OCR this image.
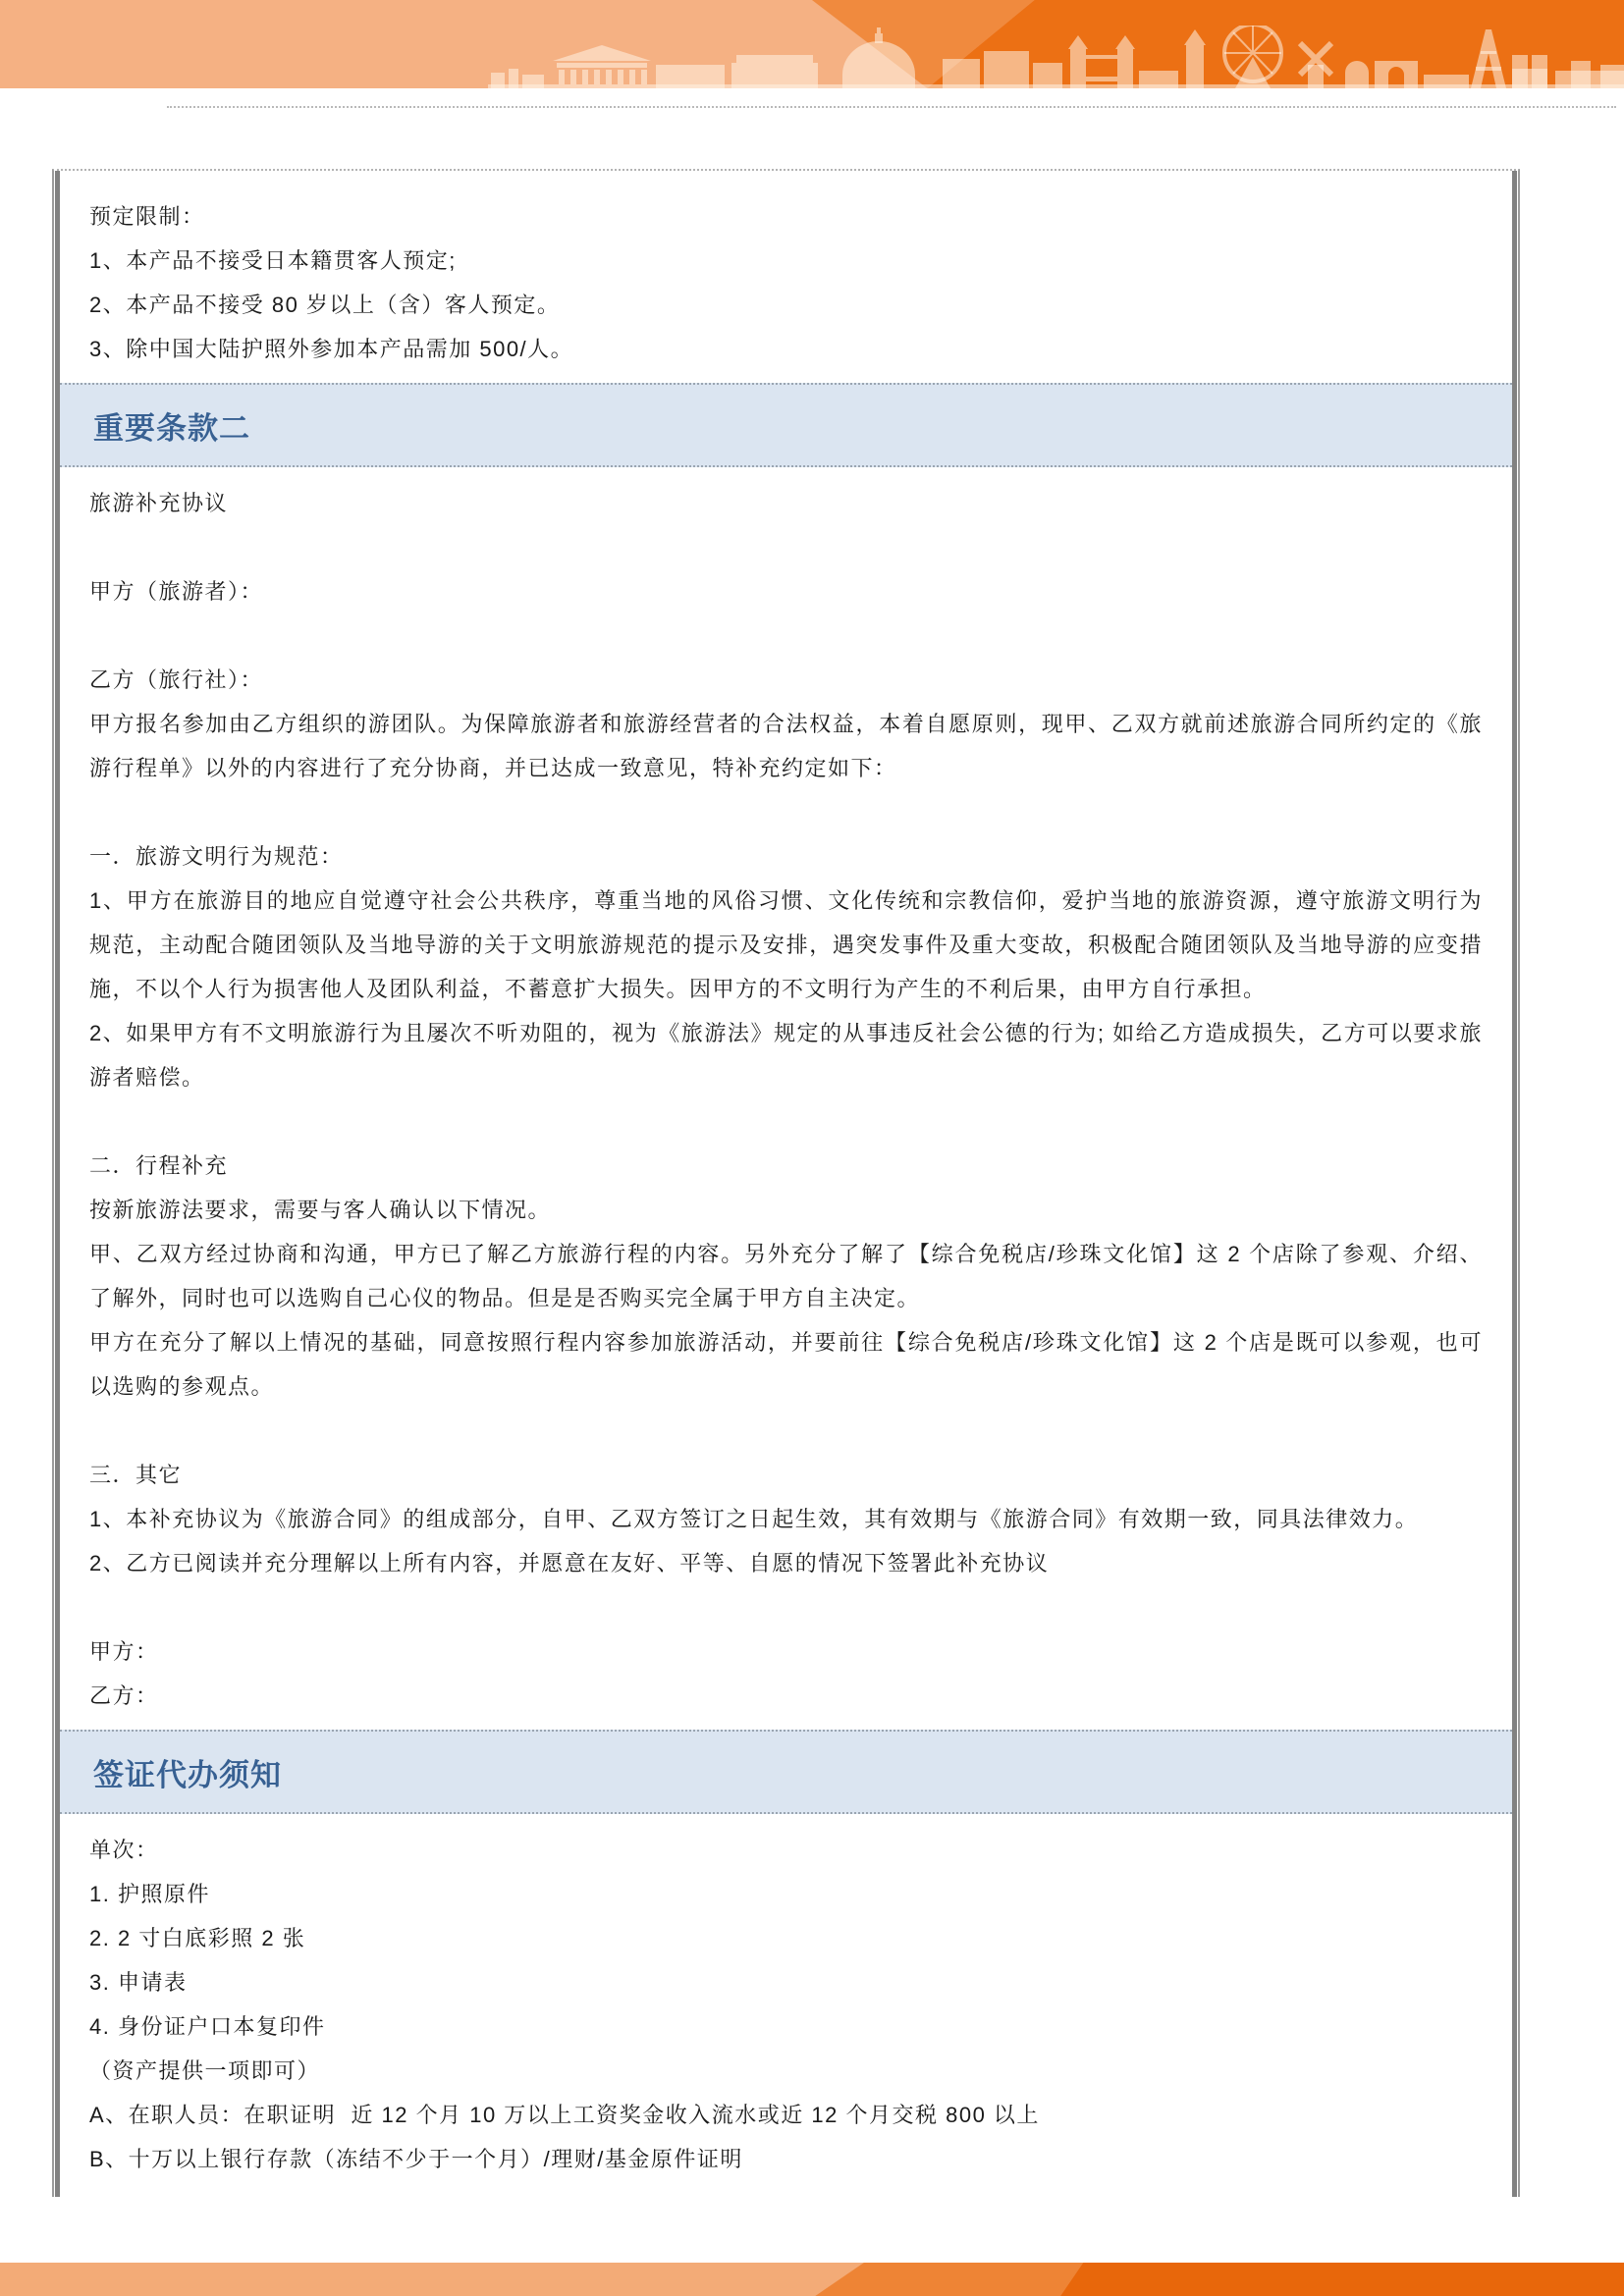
预定限制：

1、本产品不接受日本籍贯客人预定;

2、本产品不接受 80 岁以上（含）客人预定。

3、除中国大陆护照外参加本产品需加 500/人。

重要条款二

旅游补充协议

甲方（旅游者）：

乙方（旅行社）：

甲方报名参加由乙方组织的游团队。为保障旅游者和旅游经营者的合法权益，本着自愿原则，现甲、乙双方就前述旅游合同所约定的《旅游行程单》以外的内容进行了充分协商，并已达成一致意见，特补充约定如下：

一．旅游文明行为规范：

1、甲方在旅游目的地应自觉遵守社会公共秩序，尊重当地的风俗习惯、文化传统和宗教信仰，爱护当地的旅游资源，遵守旅游文明行为规范，主动配合随团领队及当地导游的关于文明旅游规范的提示及安排，遇突发事件及重大变故，积极配合随团领队及当地导游的应变措施，不以个人行为损害他人及团队利益，不蓄意扩大损失。因甲方的不文明行为产生的不利后果，由甲方自行承担。

2、如果甲方有不文明旅游行为且屡次不听劝阻的，视为《旅游法》规定的从事违反社会公德的行为; 如给乙方造成损失，乙方可以要求旅游者赔偿。

二．行程补充

按新旅游法要求，需要与客人确认以下情况。

甲、乙双方经过协商和沟通，甲方已了解乙方旅游行程的内容。另外充分了解了【综合免税店/珍珠文化馆】这 2 个店除了参观、介绍、了解外，同时也可以选购自己心仪的物品。但是是否购买完全属于甲方自主决定。

甲方在充分了解以上情况的基础，同意按照行程内容参加旅游活动，并要前往【综合免税店/珍珠文化馆】这 2 个店是既可以参观，也可以选购的参观点。

三．其它

1、本补充协议为《旅游合同》的组成部分，自甲、乙双方签订之日起生效，其有效期与《旅游合同》有效期一致，同具法律效力。

2、乙方已阅读并充分理解以上所有内容，并愿意在友好、平等、自愿的情况下签署此补充协议

甲方：

乙方：

签证代办须知

单次：

1. 护照原件

2. 2 寸白底彩照 2 张

3. 申请表

4. 身份证户口本复印件

（资产提供一项即可）

A、在职人员：在职证明  近 12 个月 10 万以上工资奖金收入流水或近 12 个月交税 800 以上

B、十万以上银行存款（冻结不少于一个月）/理财/基金原件证明
